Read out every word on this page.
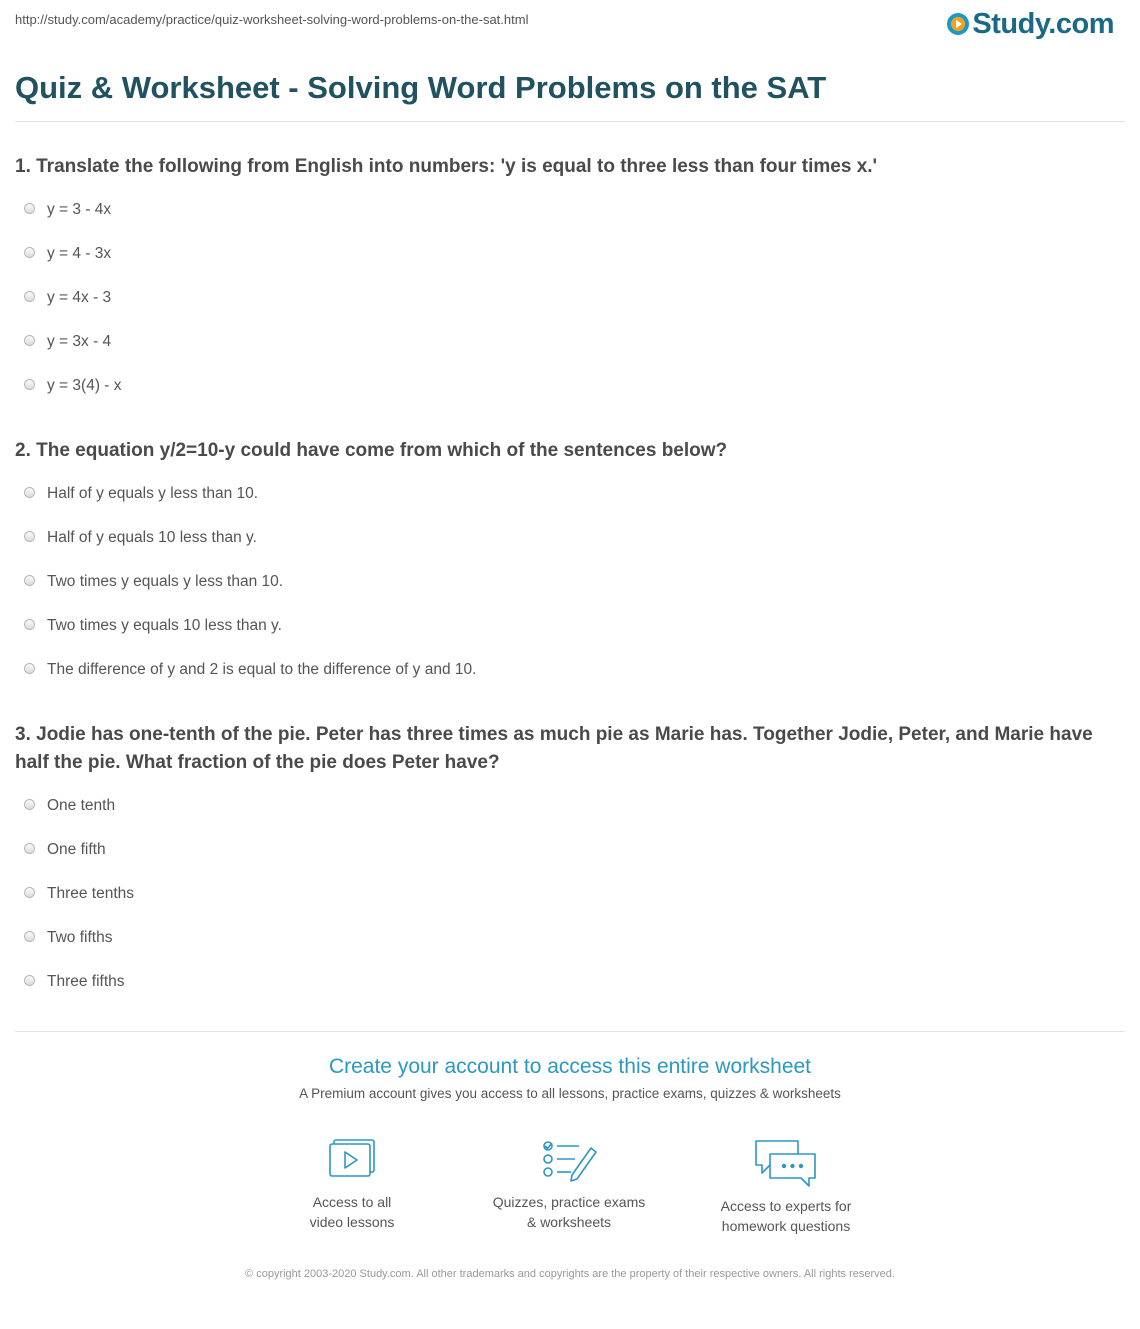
http://study.com/academy/practice/quiz-worksheet-solving-word-problems-on-the-sat.html	Study.com
Quiz & Worksheet - Solving Word Problems on the SAT

1. Translate the following from English into numbers: 'y is equal to three less than four times x.'

y = 3 - 4x
y = 4 - 3x
y = 4x - 3
y = 3x - 4
y = 3(4) - x

2. The equation y/2=10-y could have come from which of the sentences below?

Half of y equals y less than 10.
Half of y equals 10 less than y.
Two times y equals y less than 10.
Two times y equals 10 less than y.
The difference of y and 2 is equal to the difference of y and 10.

3. Jodie has one-tenth of the pie. Peter has three times as much pie as Marie has. Together Jodie, Peter, and Marie have half the pie. What fraction of the pie does Peter have?

One tenth
One fifth
Three tenths
Two fifths
Three fifths
Create your account to access this entire worksheet
A Premium account gives you access to all lessons, practice exams, quizzes & worksheets
Access to all
video lessons
Quizzes, practice exams
& worksheets
Access to experts for
homework questions
© copyright 2003-2020 Study.com. All other trademarks and copyrights are the property of their respective owners. All rights reserved.
